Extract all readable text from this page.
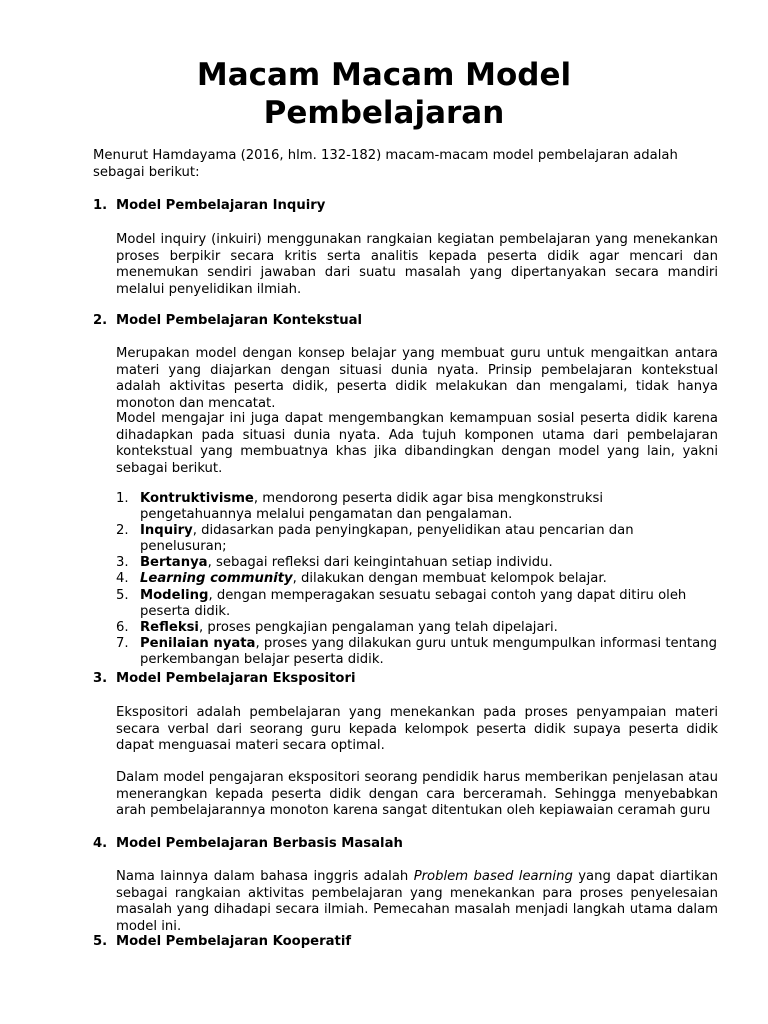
Macam Macam Model
Pembelajaran

Menurut Hamdayama (2016, hlm. 132-182) macam-macam model pembelajaran adalah sebagai berikut:

1. Model Pembelajaran Inquiry

Model inquiry (inkuiri) menggunakan rangkaian kegiatan pembelajaran yang menekankan proses berpikir secara kritis serta analitis kepada peserta didik agar mencari dan menemukan sendiri jawaban dari suatu masalah yang dipertanyakan secara mandiri melalui penyelidikan ilmiah.

2. Model Pembelajaran Kontekstual

Merupakan model dengan konsep belajar yang membuat guru untuk mengaitkan antara materi yang diajarkan dengan situasi dunia nyata. Prinsip pembelajaran kontekstual adalah aktivitas peserta didik, peserta didik melakukan dan mengalami, tidak hanya monoton dan mencatat.

Model mengajar ini juga dapat mengembangkan kemampuan sosial peserta didik karena dihadapkan pada situasi dunia nyata. Ada tujuh komponen utama dari pembelajaran kontekstual yang membuatnya khas jika dibandingkan dengan model yang lain, yakni sebagai berikut.

1. Kontruktivisme, mendorong peserta didik agar bisa mengkonstruksi pengetahuannya melalui pengamatan dan pengalaman.
2. Inquiry, didasarkan pada penyingkapan, penyelidikan atau pencarian dan penelusuran;
3. Bertanya, sebagai refleksi dari keingintahuan setiap individu.
4. Learning community, dilakukan dengan membuat kelompok belajar.
5. Modeling, dengan memperagakan sesuatu sebagai contoh yang dapat ditiru oleh peserta didik.
6. Refleksi, proses pengkajian pengalaman yang telah dipelajari.
7. Penilaian nyata, proses yang dilakukan guru untuk mengumpulkan informasi tentang perkembangan belajar peserta didik.
3. Model Pembelajaran Ekspositori

Ekspositori adalah pembelajaran yang menekankan pada proses penyampaian materi secara verbal dari seorang guru kepada kelompok peserta didik supaya peserta didik dapat menguasai materi secara optimal.

Dalam model pengajaran ekspositori seorang pendidik harus memberikan penjelasan atau menerangkan kepada peserta didik dengan cara berceramah. Sehingga menyebabkan arah pembelajarannya monoton karena sangat ditentukan oleh kepiawaian ceramah guru

4. Model Pembelajaran Berbasis Masalah

Nama lainnya dalam bahasa inggris adalah Problem based learning yang dapat diartikan sebagai rangkaian aktivitas pembelajaran yang menekankan para proses penyelesaian masalah yang dihadapi secara ilmiah. Pemecahan masalah menjadi langkah utama dalam model ini.

5. Model Pembelajaran Kooperatif
